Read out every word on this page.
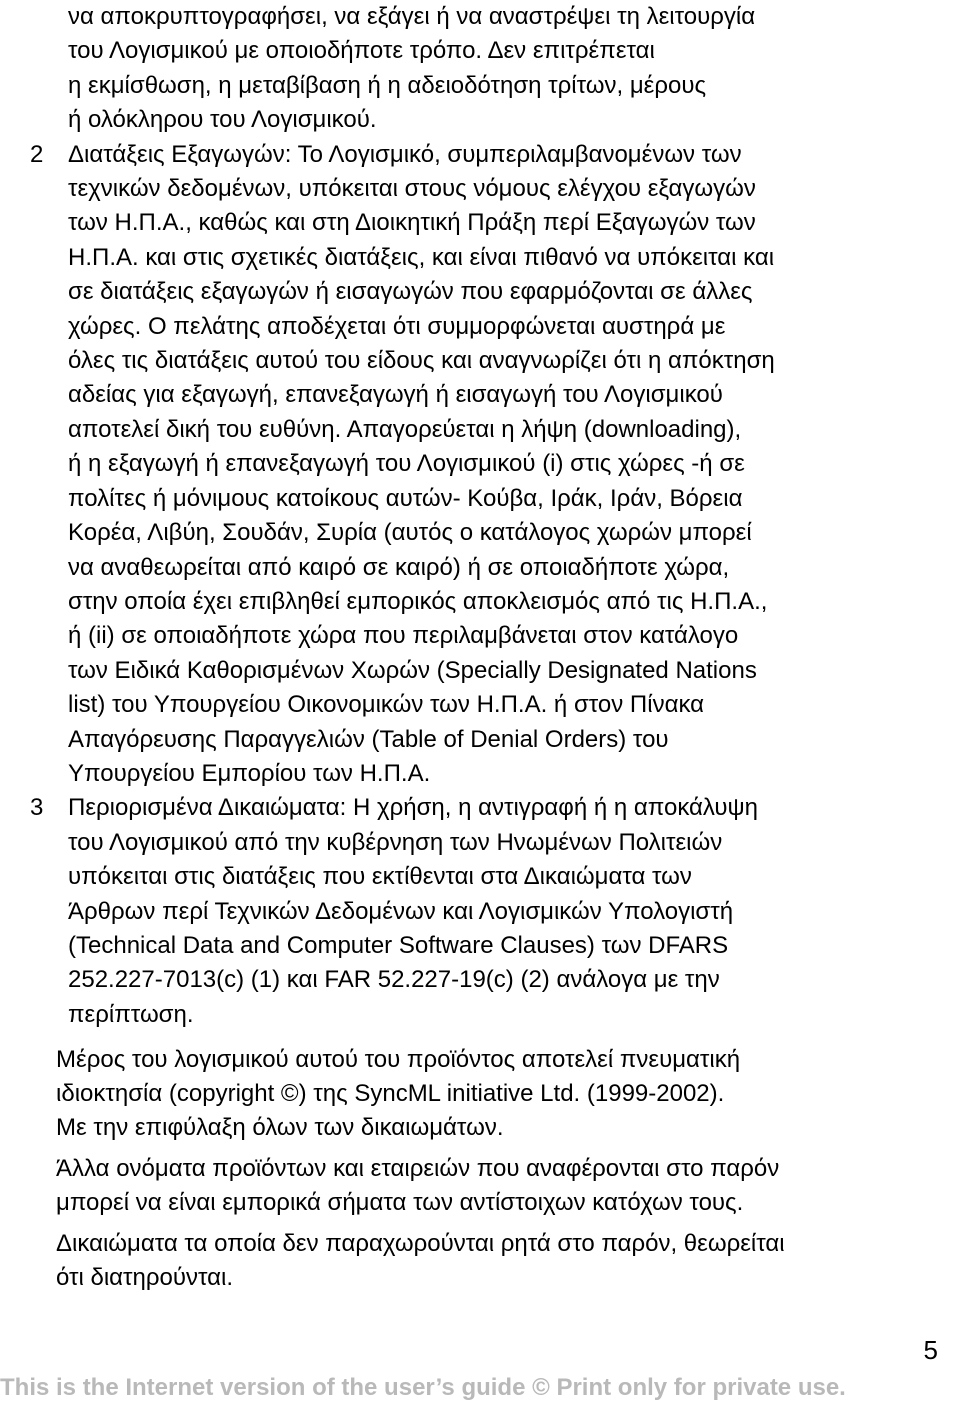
να αποκρυπτογραφήσει, να εξάγει ή να αναστρέψει τη λειτουργία
του Λογισμικού με οποιοδήποτε τρόπο. Δεν επιτρέπεται
η εκμίσθωση, η μεταβίβαση ή η αδειοδότηση τρίτων, μέρους
ή ολόκληρου του Λογισμικού.
2 Διατάξεις Εξαγωγών: Το Λογισμικό, συμπεριλαμβανομένων των
τεχνικών δεδομένων, υπόκειται στους νόμους ελέγχου εξαγωγών
των Η.Π.Α., καθώς και στη Διοικητική Πράξη περί Εξαγωγών των
Η.Π.Α. και στις σχετικές διατάξεις, και είναι πιθανό να υπόκειται και
σε διατάξεις εξαγωγών ή εισαγωγών που εφαρμόζονται σε άλλες
χώρες. Ο πελάτης αποδέχεται ότι συμμορφώνεται αυστηρά με
όλες τις διατάξεις αυτού του είδους και αναγνωρίζει ότι η απόκτηση
αδείας για εξαγωγή, επανεξαγωγή ή εισαγωγή του Λογισμικού
αποτελεί δική του ευθύνη. Απαγορεύεται η λήψη (downloading),
ή η εξαγωγή ή επανεξαγωγή του Λογισμικού (i) στις χώρες -ή σε
πολίτες ή μόνιμους κατοίκους αυτών- Κούβα, Ιράκ, Ιράν, Βόρεια
Κορέα, Λιβύη, Σουδάν, Συρία (αυτός ο κατάλογος χωρών μπορεί
να αναθεωρείται από καιρό σε καιρό) ή σε οποιαδήποτε χώρα,
στην οποία έχει επιβληθεί εμπορικός αποκλεισμός από τις Η.Π.Α.,
ή (ii) σε οποιαδήποτε χώρα που περιλαμβάνεται στον κατάλογο
των Ειδικά Καθορισμένων Χωρών (Specially Designated Nations
list) του Υπουργείου Οικονομικών των Η.Π.Α. ή στον Πίνακα
Απαγόρευσης Παραγγελιών (Table of Denial Orders) του
Υπουργείου Εμπορίου των Η.Π.Α.
3 Περιορισμένα Δικαιώματα: Η χρήση, η αντιγραφή ή η αποκάλυψη
του Λογισμικού από την κυβέρνηση των Ηνωμένων Πολιτειών
υπόκειται στις διατάξεις που εκτίθενται στα Δικαιώματα των
Άρθρων περί Τεχνικών Δεδομένων και Λογισμικών Υπολογιστή
(Technical Data and Computer Software Clauses) των DFARS
252.227-7013(c) (1) και FAR 52.227-19(c) (2) ανάλογα με την
περίπτωση.
Μέρος του λογισμικού αυτού του προϊόντος αποτελεί πνευματική
ιδιοκτησία (copyright ©) της SyncML initiative Ltd. (1999-2002).
Με την επιφύλαξη όλων των δικαιωμάτων.
Άλλα ονόματα προϊόντων και εταιρειών που αναφέρονται στο παρόν
μπορεί να είναι εμπορικά σήματα των αντίστοιχων κατόχων τους.
Δικαιώματα τα οποία δεν παραχωρούνται ρητά στο παρόν, θεωρείται
ότι διατηρούνται.
5
This is the Internet version of the user’s guide © Print only for private use.
